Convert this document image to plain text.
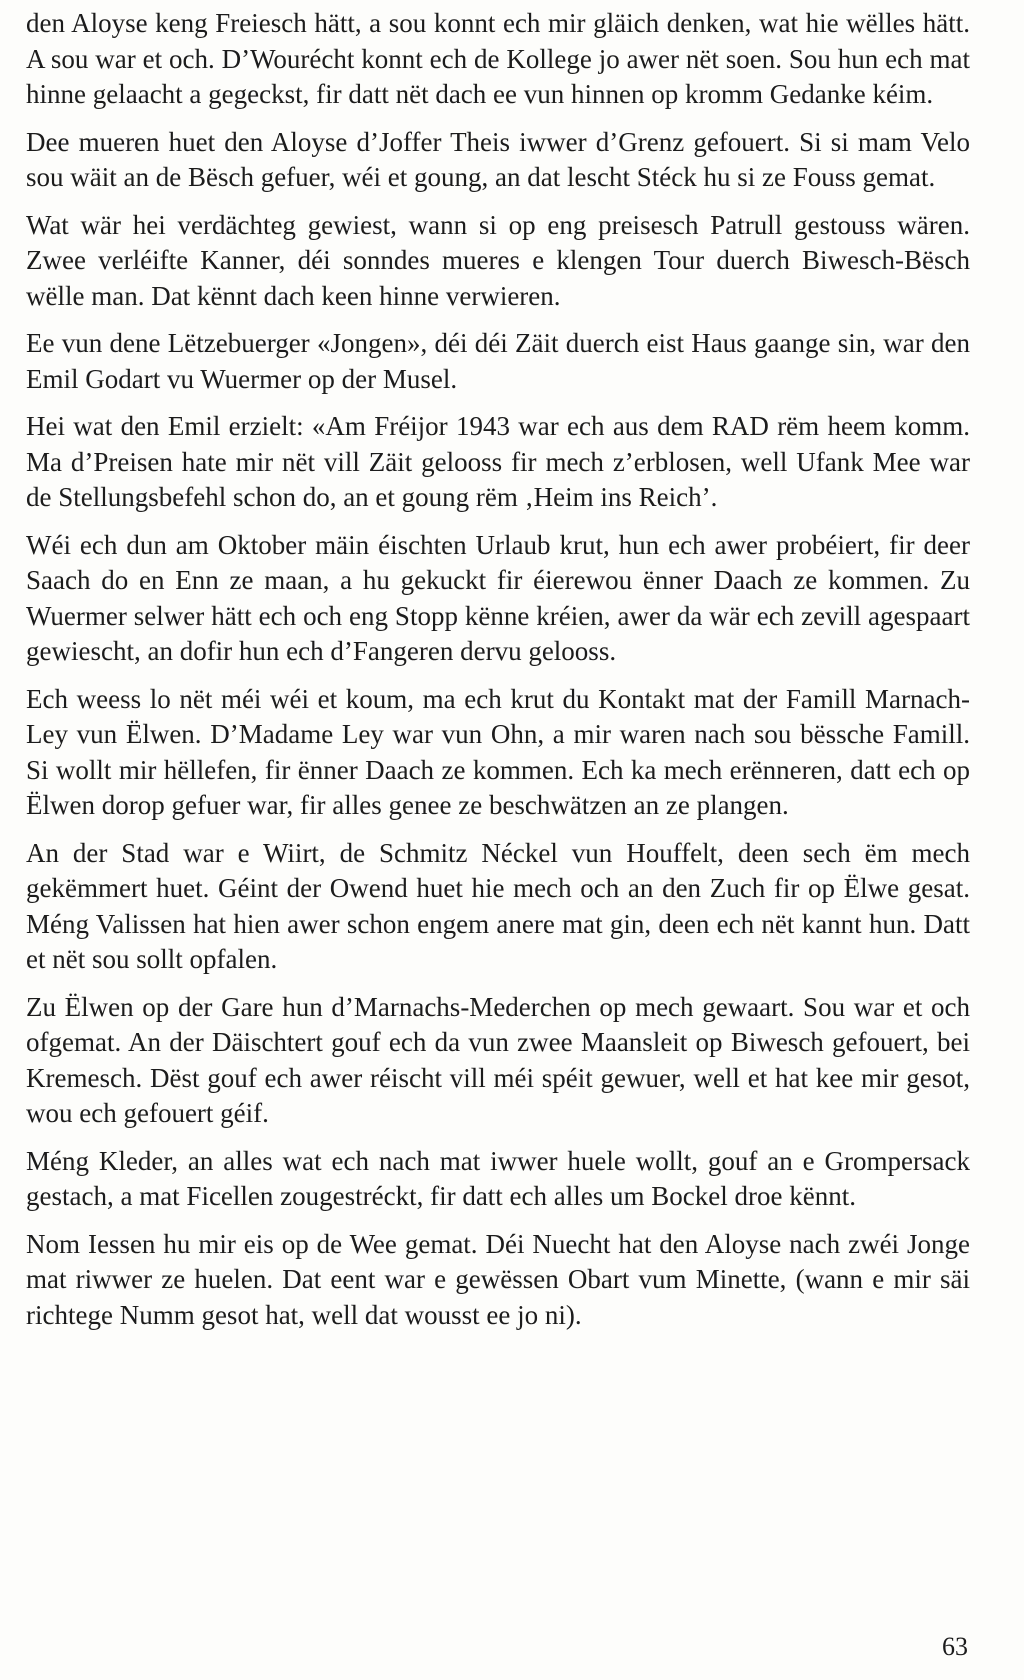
den Aloyse keng Freiesch hätt, a sou konnt ech mir gläich denken, wat hie wëlles hätt. A sou war et och. D’Wourécht konnt ech de Kollege jo awer nët soen. Sou hun ech mat hinne gelaacht a gegeckst, fir datt nët dach ee vun hinnen op kromm Gedanke kéim.

Dee mueren huet den Aloyse d’Joffer Theis iwwer d’Grenz gefouert. Si si mam Velo sou wäit an de Bësch gefuer, wéi et goung, an dat lescht Stéck hu si ze Fouss gemat.

Wat wär hei verdächteg gewiest, wann si op eng preisesch Patrull gestouss wären. Zwee verléifte Kanner, déi sonndes mueres e klengen Tour duerch Biwesch-Bësch wëlle man. Dat kënnt dach keen hinne verwieren.

Ee vun dene Lëtzebuerger «Jongen», déi déi Zäit duerch eist Haus gaange sin, war den Emil Godart vu Wuermer op der Musel.

Hei wat den Emil erzielt: «Am Fréijor 1943 war ech aus dem RAD rëm heem komm. Ma d’Preisen hate mir nët vill Zäit gelooss fir mech z’erblosen, well Ufank Mee war de Stellungsbefehl schon do, an et goung rëm ‚Heim ins Reich’.

Wéi ech dun am Oktober mäin éischten Urlaub krut, hun ech awer probéiert, fir deer Saach do en Enn ze maan, a hu gekuckt fir éierewou ënner Daach ze kommen. Zu Wuermer selwer hätt ech och eng Stopp kënne kréien, awer da wär ech zevill agespaart gewiescht, an dofir hun ech d’Fangeren dervu gelooss.

Ech weess lo nët méi wéi et koum, ma ech krut du Kontakt mat der Famill Marnach-Ley vun Ëlwen. D’Madame Ley war vun Ohn, a mir waren nach sou bëssche Famill. Si wollt mir hëllefen, fir ënner Daach ze kommen. Ech ka mech erënneren, datt ech op Ëlwen dorop gefuer war, fir alles genee ze beschwätzen an ze plangen.

An der Stad war e Wiirt, de Schmitz Néckel vun Houffelt, deen sech ëm mech gekëmmert huet. Géint der Owend huet hie mech och an den Zuch fir op Ëlwe gesat. Méng Valissen hat hien awer schon engem anere mat gin, deen ech nët kannt hun. Datt et nët sou sollt opfalen.

Zu Ëlwen op der Gare hun d’Marnachs-Mederchen op mech gewaart. Sou war et och ofgemat. An der Däischtert gouf ech da vun zwee Maansleit op Biwesch gefouert, bei Kremesch. Dëst gouf ech awer réischt vill méi spéit gewuer, well et hat kee mir gesot, wou ech gefouert géif.

Méng Kleder, an alles wat ech nach mat iwwer huele wollt, gouf an e Grompersack gestach, a mat Ficellen zougestréckt, fir datt ech alles um Bockel droe kënnt.

Nom Iessen hu mir eis op de Wee gemat. Déi Nuecht hat den Aloyse nach zwéi Jonge mat riwwer ze huelen. Dat eent war e gewëssen Obart vum Minette, (wann e mir säi richtege Numm gesot hat, well dat wousst ee jo ni).

63
